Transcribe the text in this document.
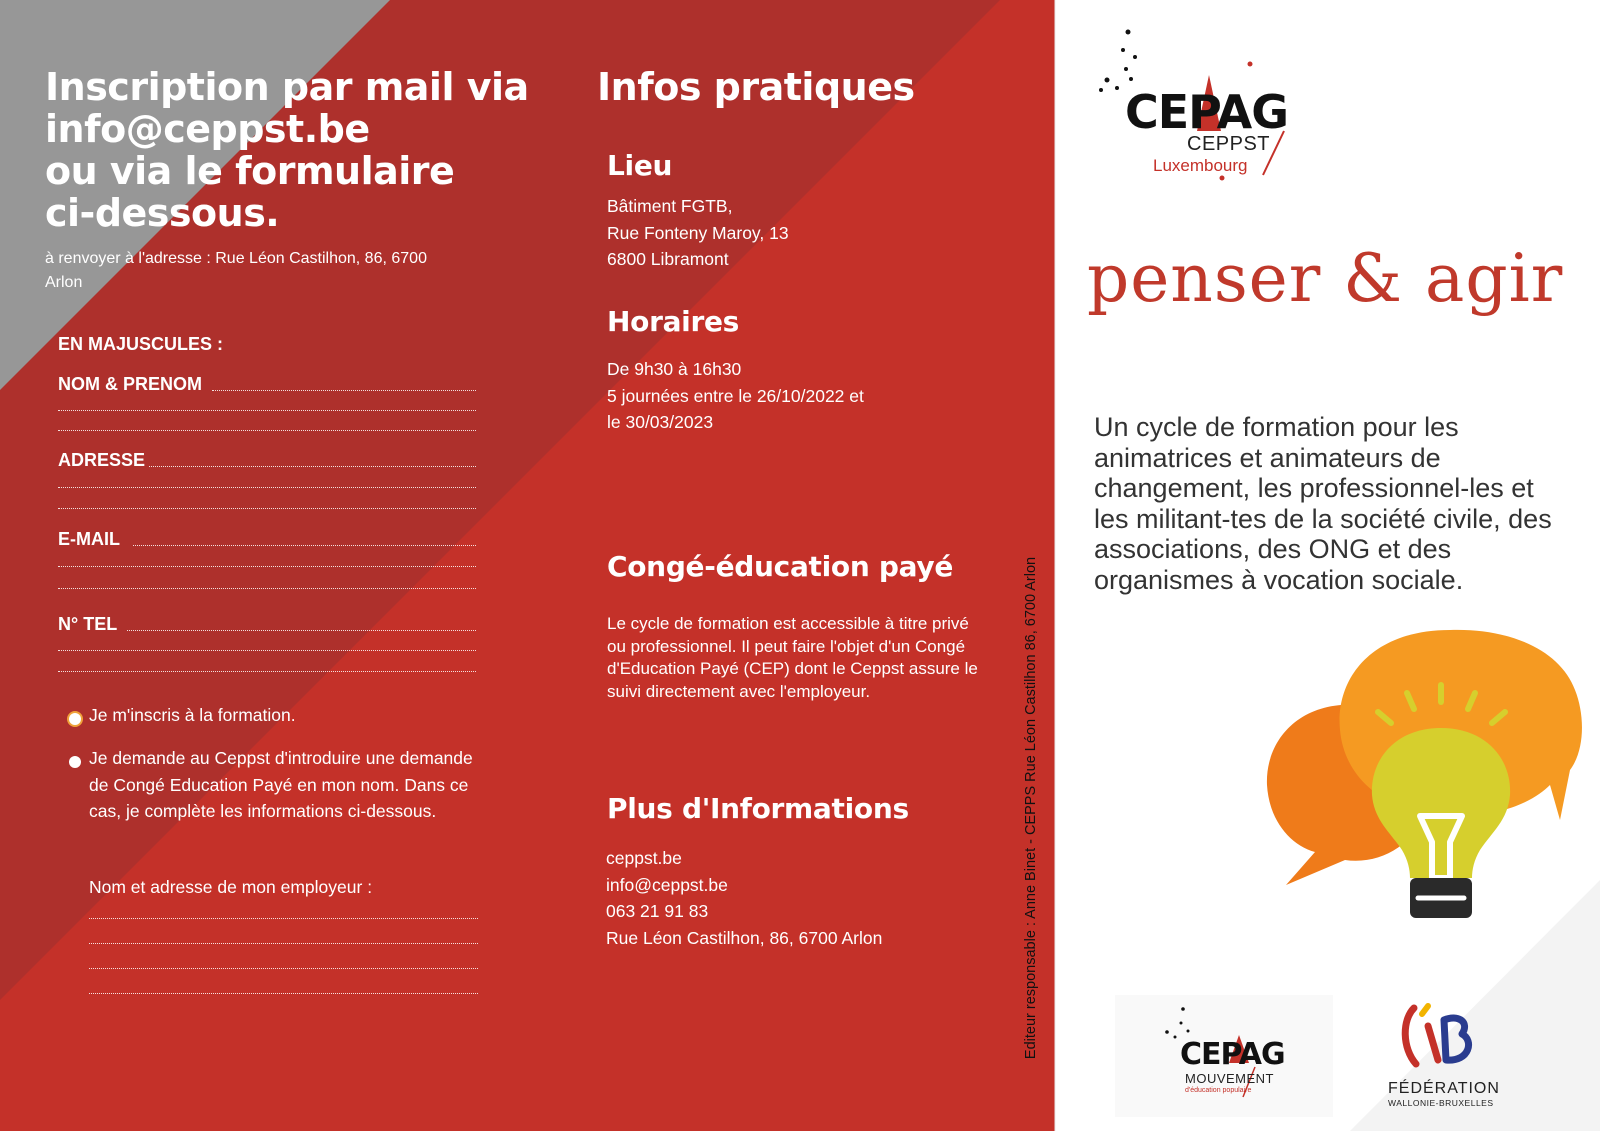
Inscription par mail via

info@ceppst.be

ou via le formulaire

ci-dessous.

à renvoyer à l'adresse : Rue Léon Castilhon, 86, 6700 Arlon
EN MAJUSCULES :
NOM & PRENOM
ADRESSE
E-MAIL
N° TEL
Je m'inscris à la formation.
Je demande au Ceppst d'introduire une demande de Congé Education Payé en mon nom. Dans ce cas, je complète les informations ci-dessous.
Nom et adresse de mon employeur :
Infos pratiques
Lieu
Bâtiment FGTB,
Rue Fonteny Maroy, 13
6800 Libramont
Horaires
De 9h30 à 16h30
5 journées entre le 26/10/2022 et
le 30/03/2023
Congé-éducation payé
Le cycle de formation est accessible à titre privé ou professionnel. Il peut faire l'objet d'un Congé d'Education Payé (CEP) dont le Ceppst assure le suivi directement avec l'employeur.
Plus d'Informations
ceppst.be
info@ceppst.be
063 21 91 83
Rue Léon Castilhon, 86, 6700 Arlon	Editeur responsable : Anne Binet - CEPPS Rue Léon Castilhon 86, 6700 Arlon
CEPAG
CEPPST
Luxembourg
penser & agir
Un cycle de formation pour les animatrices et animateurs de changement, les professionnel-les et les militant-tes de la société civile, des associations, des ONG et des organismes à vocation sociale.
CEPAG
MOUVEMENT
d'éducation populaire	FÉDÉRATION
WALLONIE-BRUXELLES
